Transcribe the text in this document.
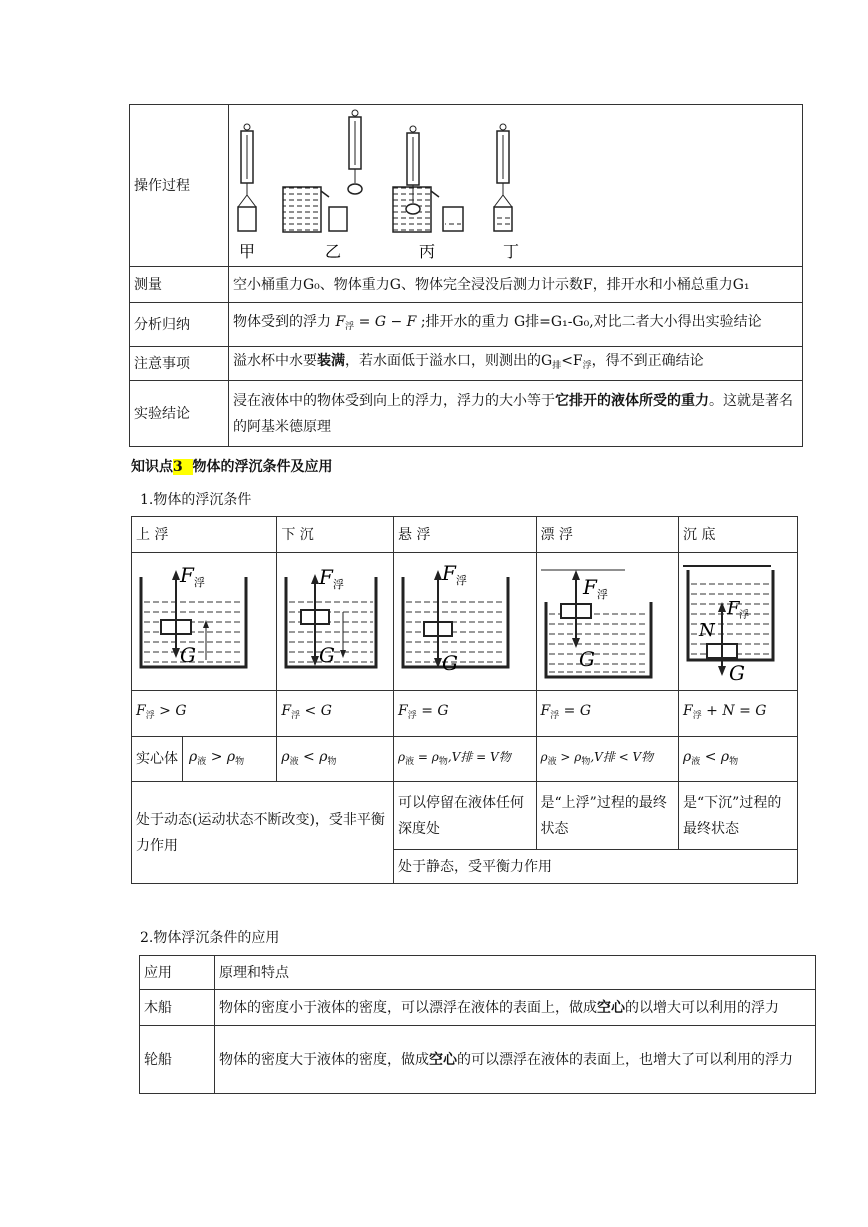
操作过程	甲 乙 丙 丁

测量	空小桶重力G₀、物体重力G、物体完全浸没后测力计示数F，排开水和小桶总重力G₁
分析归纳	物体受到的浮力 $F_浮 = G - F$ ;排开水的重力 G排=G₁-G₀,对比二者大小得出实验结论
注意事项	溢水杯中水要装满，若水面低于溢水口，则测出的$G_排<F_浮$，得不到正确结论
实验结论	浸在液体中的物体受到向上的浮力，浮力的大小等于它排开的液体所受的重力。这就是著名的阿基米德原理
知识点3 物体的浮沉条件及应用
1.物体的浮沉条件
上 浮	下 沉	悬 浮	漂 浮	沉 底

F 浮
G	F 浮
G	F 浮
G	F 浮
G	F 浮
N
G

$F_浮 > G$	$F_浮 < G$	$F_浮 = G$	$F_浮 = G$	$F_浮 + N = G$

实心体 $\rho_液 > \rho_物$	$\rho_液 < \rho_物$	$\rho_液 = \rho_物,V$排 = V物	$\rho_液 > \rho_物,V$排 < V物	$\rho_液 < \rho_物$
处于动态(运动状态不断改变)，受非平衡力作用		可以停留在液体任何深度处	是“上浮”过程的最终状态	是“下沉”过程的最终状态
		处于静态，受平衡力作用		
2.物体浮沉条件的应用
应用	原理和特点
木船	物体的密度小于液体的密度，可以漂浮在液体的表面上，做成空心的以增大可以利用的浮力
轮船	物体的密度大于液体的密度，做成空心的可以漂浮在液体的表面上，也增大了可以利用的浮力
